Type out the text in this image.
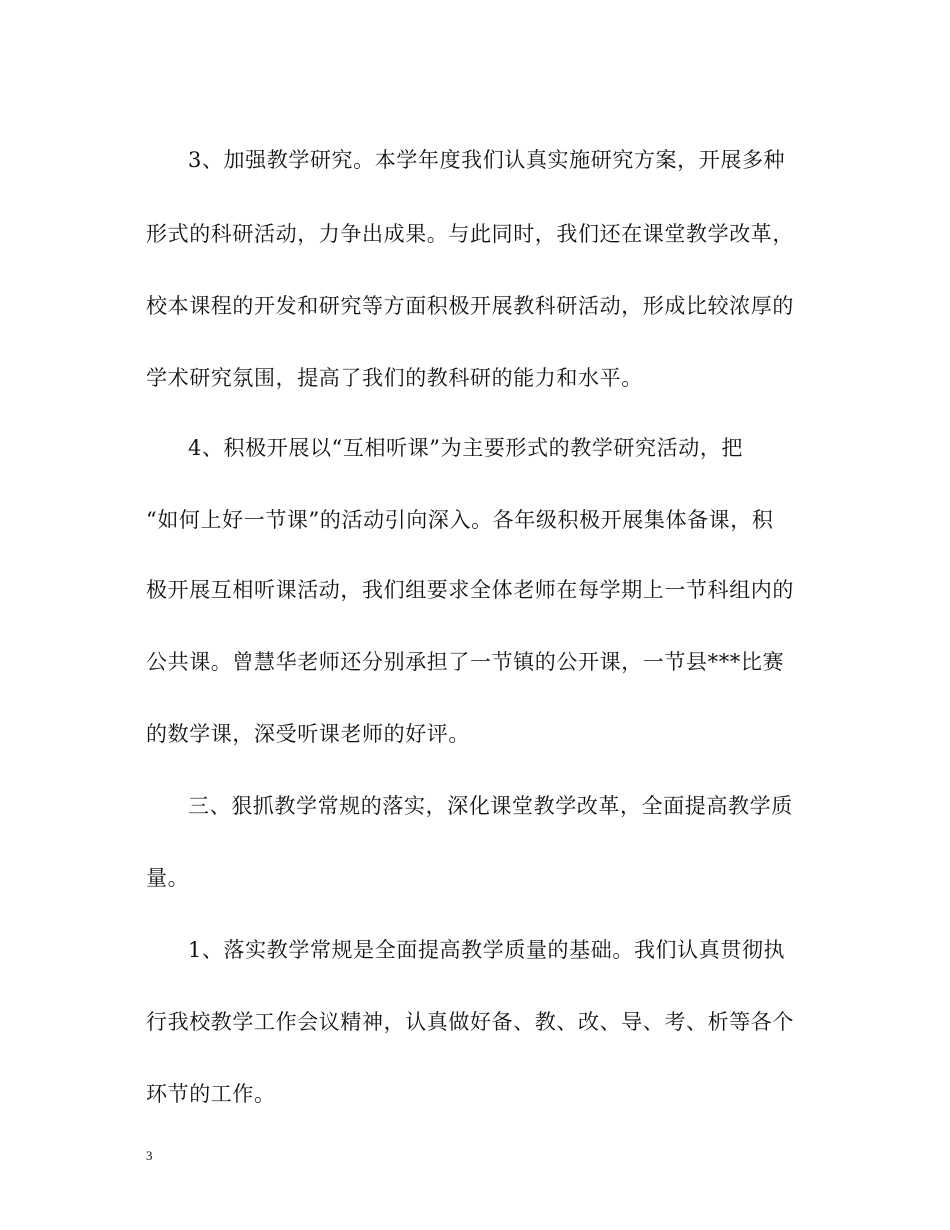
3、加强教学研究。本学年度我们认真实施研究方案，开展多种
形式的科研活动，力争出成果。与此同时，我们还在课堂教学改革，
校本课程的开发和研究等方面积极开展教科研活动，形成比较浓厚的
学术研究氛围，提高了我们的教科研的能力和水平。
4、积极开展以“互相听课”为主要形式的教学研究活动，把
“如何上好一节课”的活动引向深入。各年级积极开展集体备课，积
极开展互相听课活动，我们组要求全体老师在每学期上一节科组内的
公共课。曾慧华老师还分别承担了一节镇的公开课，一节县***比赛
的数学课，深受听课老师的好评。
三、狠抓教学常规的落实，深化课堂教学改革，全面提高教学质
量。
1、落实教学常规是全面提高教学质量的基础。我们认真贯彻执
行我校教学工作会议精神，认真做好备、教、改、导、考、析等各个
环节的工作。
3
